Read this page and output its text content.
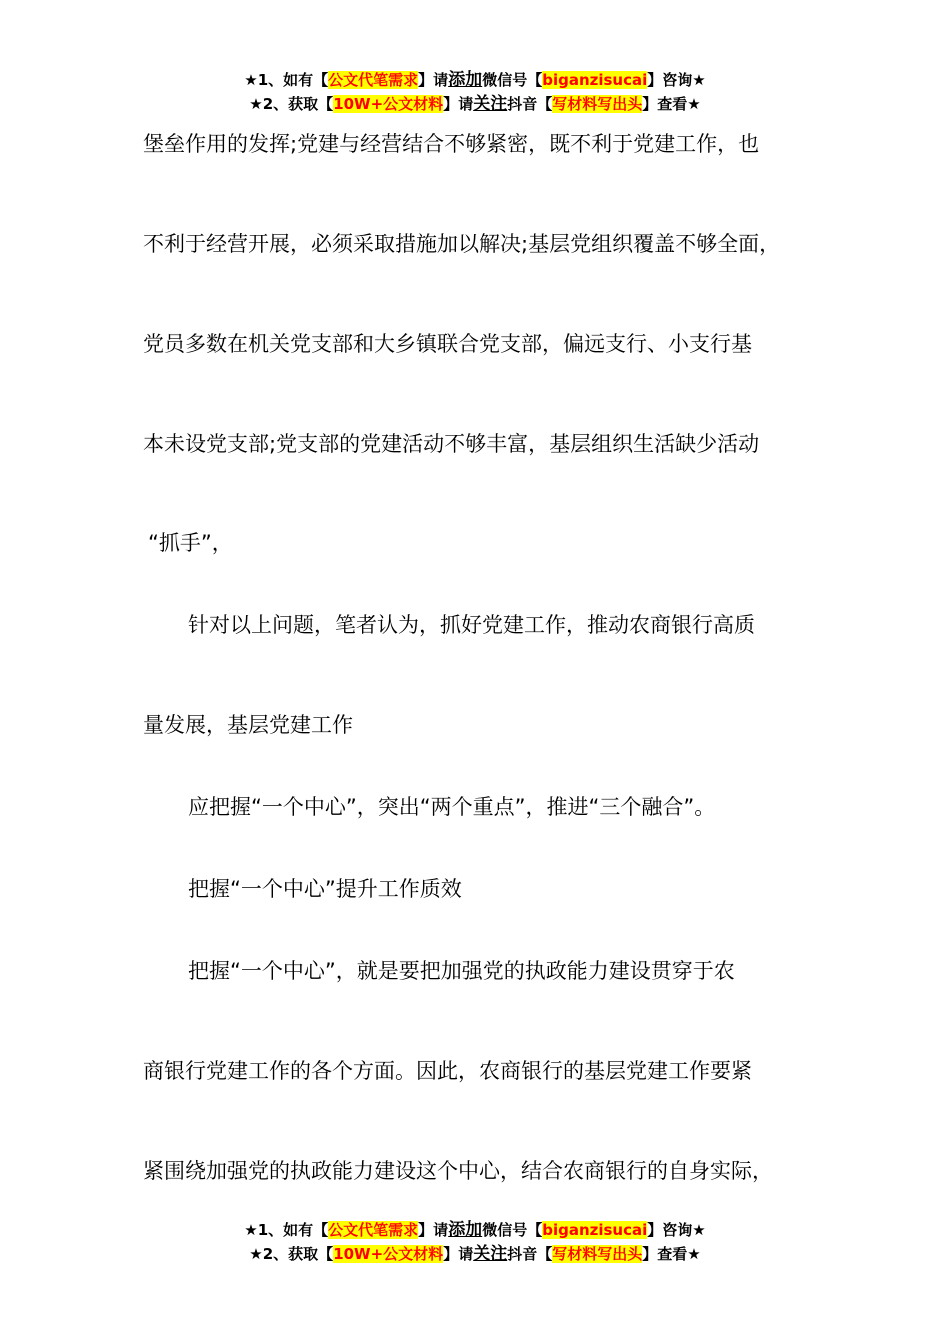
★1、如有【公文代笔需求】请添加微信号【biganzisucai】咨询★
★2、获取【10W+公文材料】请关注抖音【写材料写出头】查看★
堡垒作用的发挥;党建与经营结合不够紧密，既不利于党建工作，也
不利于经营开展，必须采取措施加以解决;基层党组织覆盖不够全面，
党员多数在机关党支部和大乡镇联合党支部，偏远支行、小支行基
本未设党支部;党支部的党建活动不够丰富，基层组织生活缺少活动
“抓手”，
针对以上问题，笔者认为，抓好党建工作，推动农商银行高质
量发展，基层党建工作
应把握“一个中心”，突出“两个重点”，推进“三个融合”。
把握“一个中心”提升工作质效
把握“一个中心”，就是要把加强党的执政能力建设贯穿于农
商银行党建工作的各个方面。因此，农商银行的基层党建工作要紧
紧围绕加强党的执政能力建设这个中心，结合农商银行的自身实际，
★1、如有【公文代笔需求】请添加微信号【biganzisucai】咨询★
★2、获取【10W+公文材料】请关注抖音【写材料写出头】查看★
